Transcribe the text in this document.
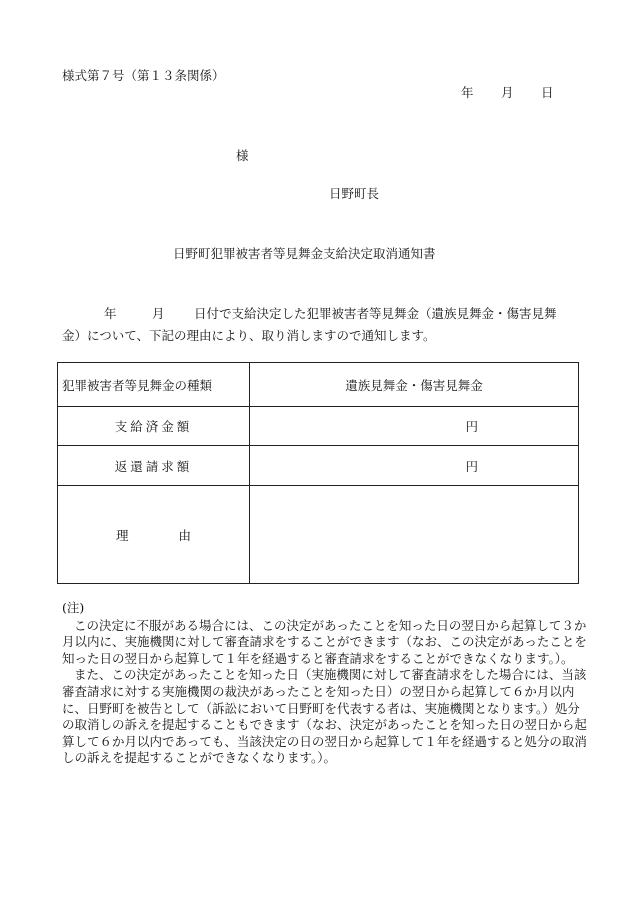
様式第７号（第１３条関係）
年 月 日
様
日野町長
日野町犯罪被害者等見舞金支給決定取消通知書
年	月 日付で支給決定した犯罪被害者等見舞金（遺族見舞金・傷害見舞
金）について、下記の理由により、取り消しますので通知します。
犯罪被害者等見舞金の種類	遺族見舞金・傷害見舞金
支給済金額	円
返還請求額	円
理 由	

(注)

この決定に不服がある場合には、この決定があったことを知った日の翌日から起算して３か月以内に、実施機関に対して審査請求をすることができます（なお、この決定があったことを知った日の翌日から起算して１年を経過すると審査請求をすることができなくなります。）。

また、この決定があったことを知った日（実施機関に対して審査請求をした場合には、当該審査請求に対する実施機関の裁決があったことを知った日）の翌日から起算して６か月以内に、日野町を被告として（訴訟において日野町を代表する者は、実施機関となります。）処分の取消しの訴えを提起することもできます（なお、決定があったことを知った日の翌日から起算して６か月以内であっても、当該決定の日の翌日から起算して１年を経過すると処分の取消しの訴えを提起することができなくなります。）。
